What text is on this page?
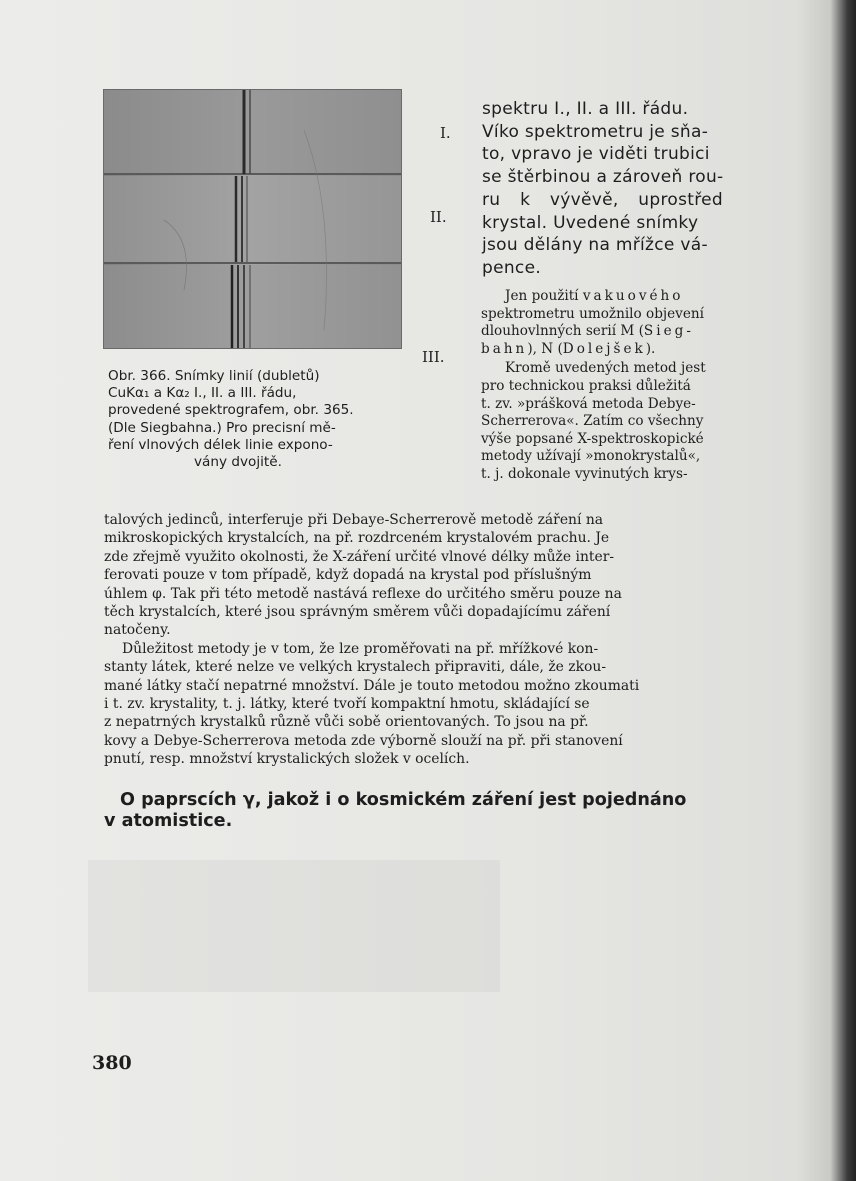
I.
II.
III.
Obr. 366. Snímky linií (dubletů)
CuKα₁ a Kα₂ I., II. a III. řádu,
provedené spektrografem, obr. 365.
(Dle Siegbahna.) Pro precisní mě-
ření vlnových délek linie expono-
vány dvojitě.
spektru I., II. a III. řádu.
Víko spektrometru je sňa-
to, vpravo je viděti trubici
se štěrbinou a zároveň rou-
ru k vývěvě, uprostřed
krystal. Uvedené snímky
jsou dělány na mřížce vá-
pence.
Jen použití vakuového
spektrometru umožnilo objevení
dlouhovlnných serií M (Sieg-
bahn), N (Dolejšek).
Kromě uvedených metod jest
pro technickou praksi důležitá
t. zv. »prášková metoda Debye-
Scherrerova«. Zatím co všechny
výše popsané X-spektroskopické
metody užívají »monokrystalů«,
t. j. dokonale vyvinutých krys-
talových jedinců, interferuje při Debaye-Scherrerově metodě záření na
mikroskopických krystalcích, na př. rozdrceném krystalovém prachu. Je
zde zřejmě využito okolnosti, že X-záření určité vlnové délky může inter-
ferovati pouze v tom případě, když dopadá na krystal pod příslušným
úhlem φ. Tak při této metodě nastává reflexe do určitého směru pouze na
těch krystalcích, které jsou správným směrem vůči dopadajícímu záření
natočeny.
Důležitost metody je v tom, že lze proměřovati na př. mřížkové kon-
stanty látek, které nelze ve velkých krystalech připraviti, dále, že zkou-
mané látky stačí nepatrné množství. Dále je touto metodou možno zkoumati
i t. zv. krystality, t. j. látky, které tvoří kompaktní hmotu, skládající se
z nepatrných krystalků různě vůči sobě orientovaných. To jsou na př.
kovy a Debye-Scherrerova metoda zde výborně slouží na př. při stanovení
pnutí, resp. množství krystalických složek v ocelích.
O paprscích γ, jakož i o kosmickém záření jest pojednáno
v atomistice.
380
